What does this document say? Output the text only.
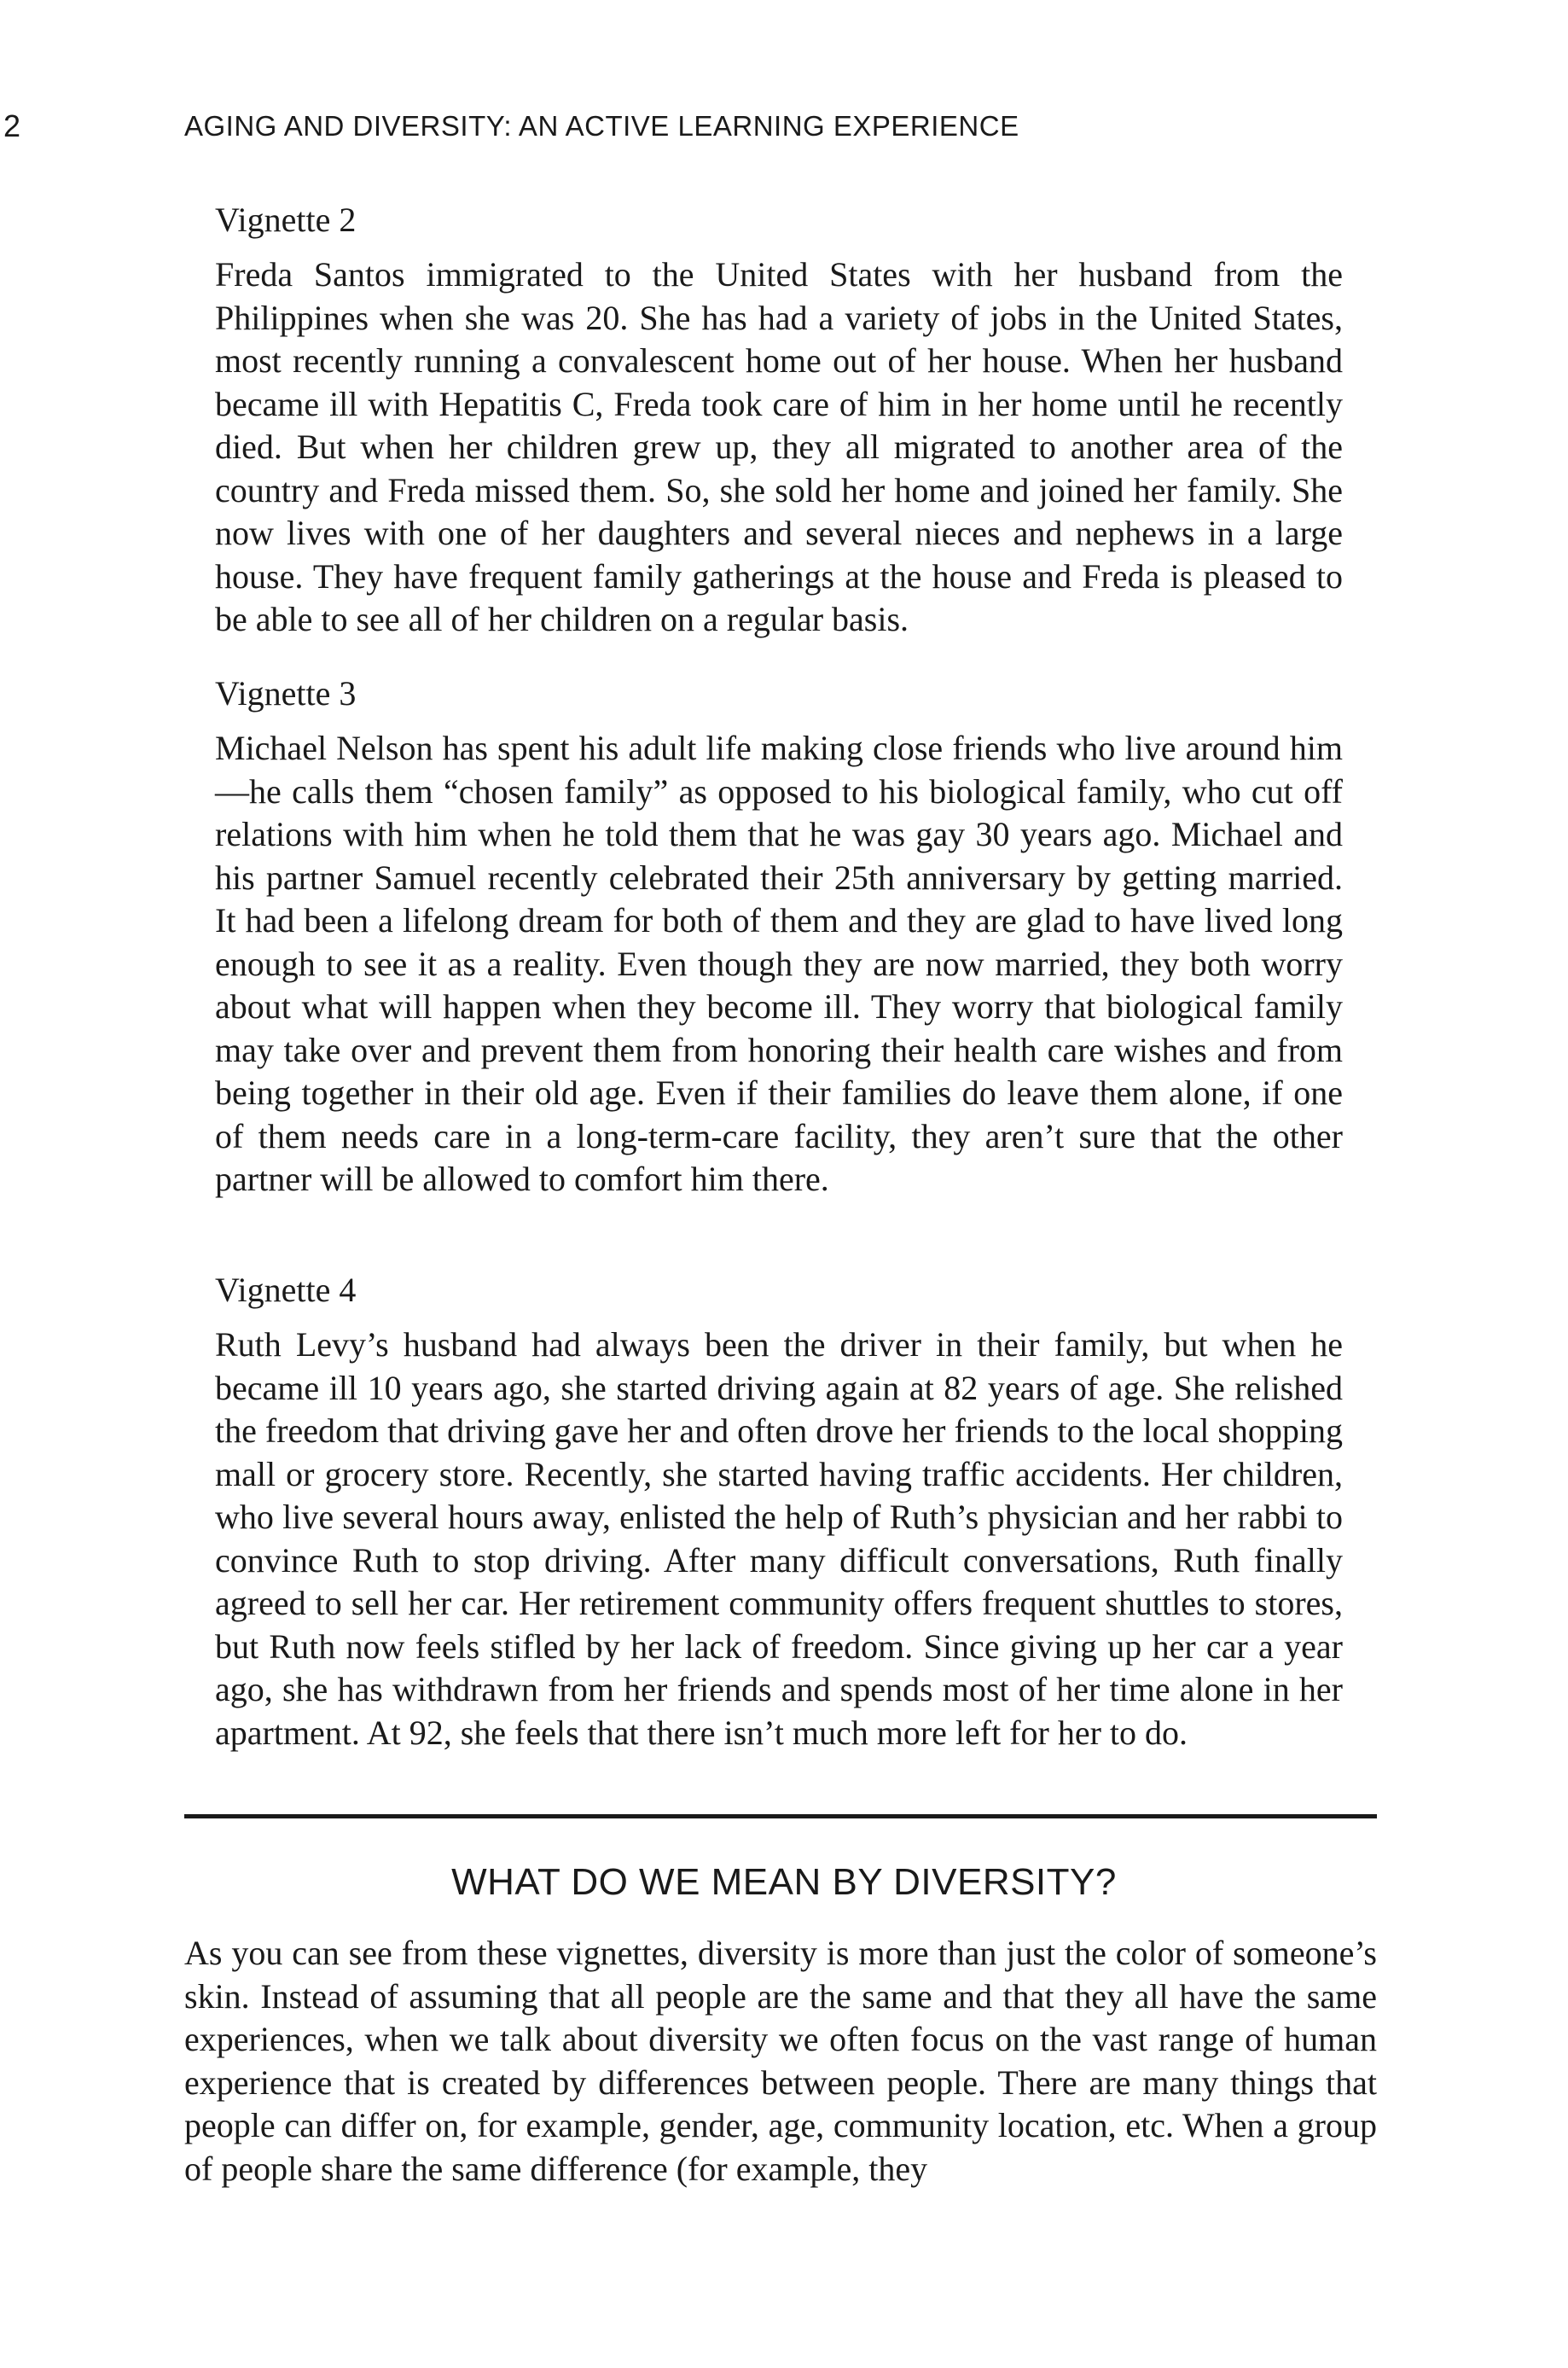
2	AGING AND DIVERSITY: AN ACTIVE LEARNING EXPERIENCE
Vignette 2

Freda Santos immigrated to the United States with her husband from the Philippines when she was 20. She has had a variety of jobs in the United States, most recently running a convalescent home out of her house. When her husband became ill with Hepatitis C, Freda took care of him in her home until he recently died. But when her children grew up, they all migrated to another area of the country and Freda missed them. So, she sold her home and joined her family. She now lives with one of her daughters and several nieces and nephews in a large house. They have frequent family gatherings at the house and Freda is pleased to be able to see all of her children on a regular basis.

Vignette 3

Michael Nelson has spent his adult life making close friends who live around him—he calls them “chosen family” as opposed to his biological family, who cut off relations with him when he told them that he was gay 30 years ago. Michael and his partner Samuel recently celebrated their 25th anniversary by getting married. It had been a lifelong dream for both of them and they are glad to have lived long enough to see it as a reality. Even though they are now married, they both worry about what will happen when they become ill. They worry that biological family may take over and prevent them from honoring their health care wishes and from being together in their old age. Even if their families do leave them alone, if one of them needs care in a long-term-care facility, they aren’t sure that the other partner will be allowed to comfort him there.

Vignette 4

Ruth Levy’s husband had always been the driver in their family, but when he became ill 10 years ago, she started driving again at 82 years of age. She relished the freedom that driving gave her and often drove her friends to the local shopping mall or grocery store. Recently, she started having traffic accidents. Her children, who live several hours away, enlisted the help of Ruth’s physician and her rabbi to convince Ruth to stop driving. After many difficult conversations, Ruth finally agreed to sell her car. Her retirement community offers frequent shuttles to stores, but Ruth now feels stifled by her lack of freedom. Since giving up her car a year ago, she has withdrawn from her friends and spends most of her time alone in her apartment. At 92, she feels that there isn’t much more left for her to do.

WHAT DO WE MEAN BY DIVERSITY?

As you can see from these vignettes, diversity is more than just the color of someone’s skin. Instead of assuming that all people are the same and that they all have the same experiences, when we talk about diversity we often focus on the vast range of human experience that is created by differences between people. There are many things that people can differ on, for example, gender, age, community location, etc. When a group of people share the same difference (for example, they
